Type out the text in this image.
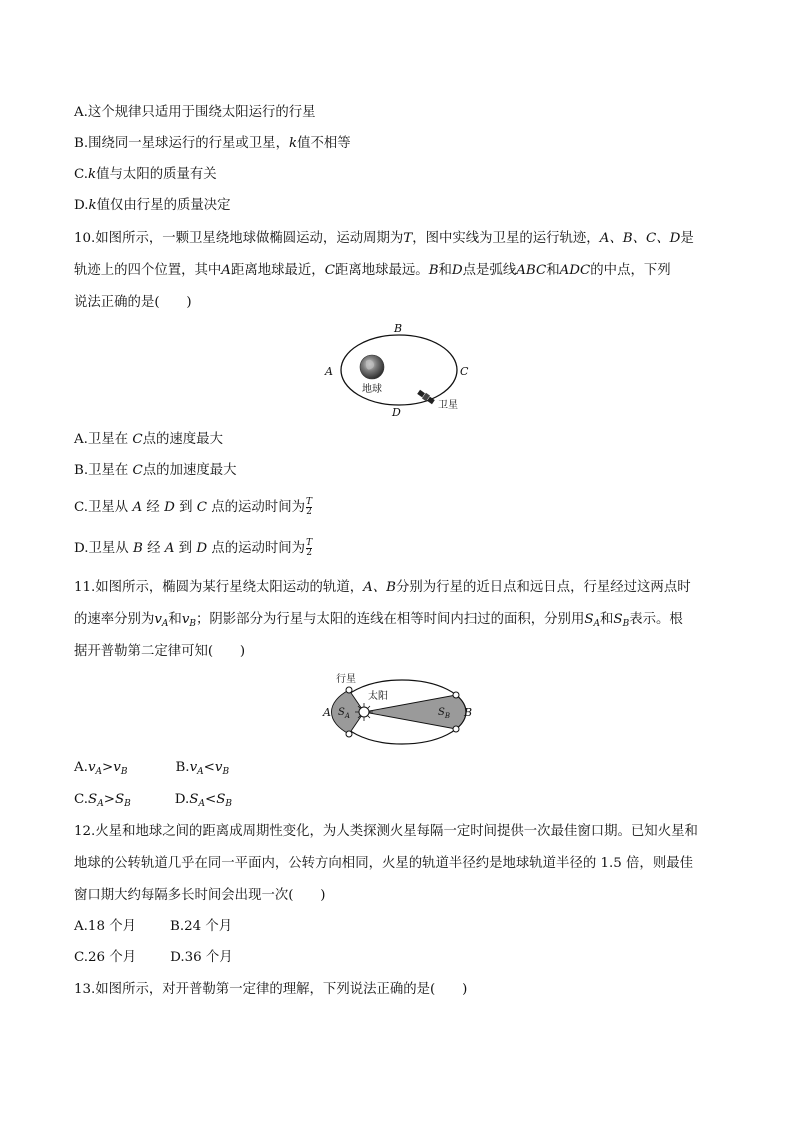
A.这个规律只适用于围绕太阳运行的行星
B.围绕同一星球运行的行星或卫星，k值不相等
C.k值与太阳的质量有关
D.k值仅由行星的质量决定
10.如图所示，一颗卫星绕地球做椭圆运动，运动周期为T，图中实线为卫星的运行轨迹，A、B、C、D是
轨迹上的四个位置，其中A距离地球最近，C距离地球最远。B和D点是弧线ABC和ADC的中点，下列
说法正确的是(　　)
地球
A
B
C
D
卫星
A.卫星在 C点的速度最大
B.卫星在 C点的加速度最大
C.卫星从 A 经 D 到 C 点的运动时间为 $\frac{T}{2}$
D.卫星从 B 经 A 到 D 点的运动时间为 $\frac{T}{2}$
11.如图所示，椭圆为某行星绕太阳运动的轨道，A、B分别为行星的近日点和远日点，行星经过这两点时
的速率分别为$v_A$和$v_B$；阴影部分为行星与太阳的连线在相等时间内扫过的面积，分别用$S_A$和$S_B$表示。根
据开普勒第二定律可知(　　)
行星
太阳
A	B
$S_A$	$S_B$
$A.v_A>v_B$	$B.v_A<v_B$
$C.S_A>S_B$	$D.S_A<S_B$
12.火星和地球之间的距离成周期性变化，为人类探测火星每隔一定时间提供一次最佳窗口期。已知火星和
地球的公转轨道几乎在同一平面内，公转方向相同，火星的轨道半径约是地球轨道半径的 1.5 倍，则最佳
窗口期大约每隔多长时间会出现一次(　　)
A.18 个月	B.24 个月
C.26 个月	D.36 个月
13.如图所示，对开普勒第一定律的理解，下列说法正确的是(　　)
